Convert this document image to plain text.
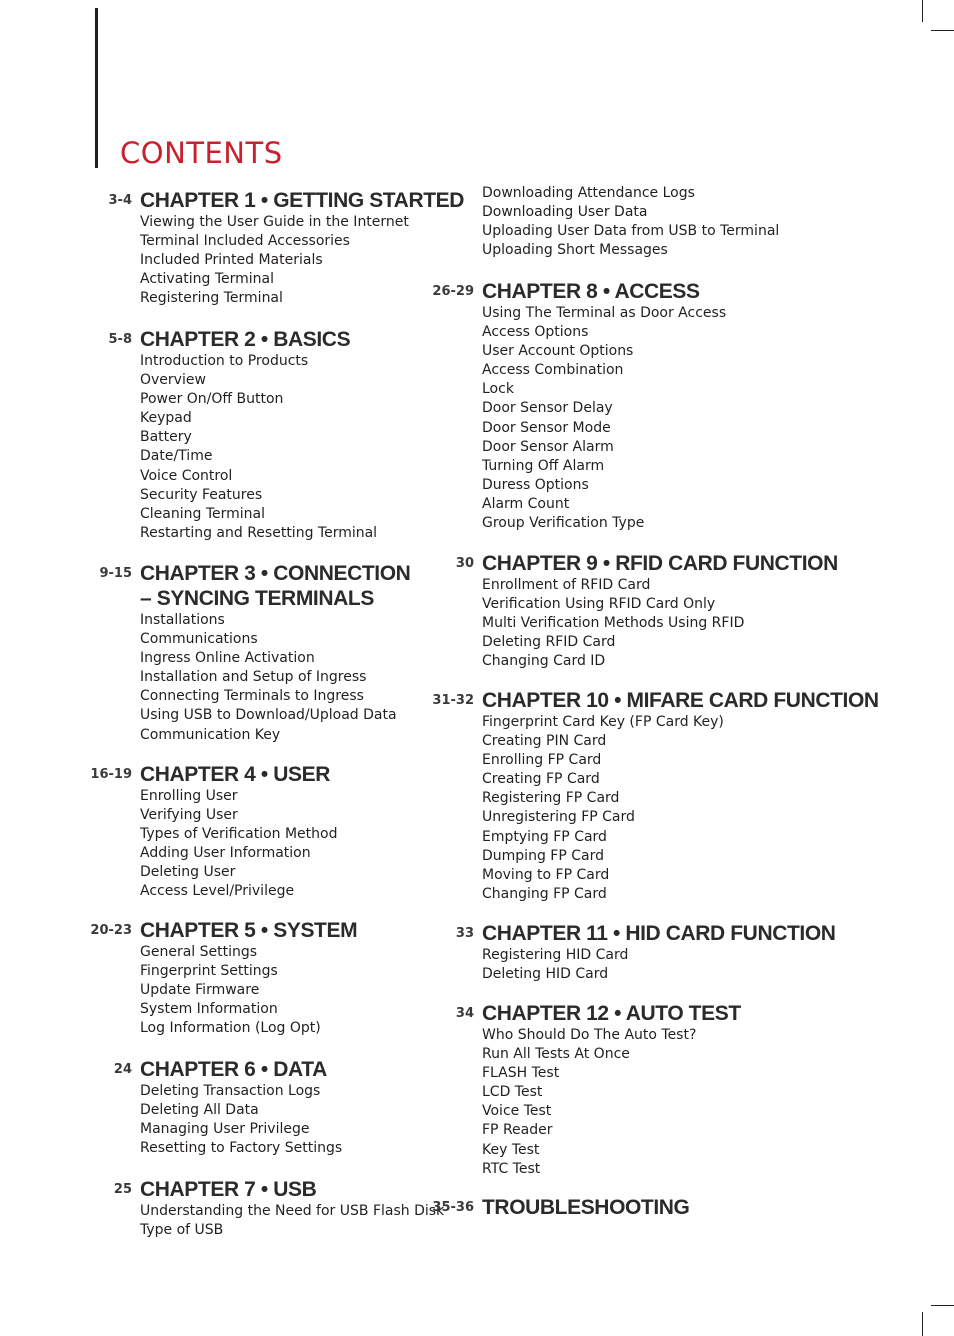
CONTENTS
3-4 CHAPTER 1 • GETTING STARTED
Viewing the User Guide in the Internet
Terminal Included Accessories
Included Printed Materials
Activating Terminal
Registering Terminal
5-8 CHAPTER 2 • BASICS
Introduction to Products
Overview
Power On/Off Button
Keypad
Battery
Date/Time
Voice Control
Security Features
Cleaning Terminal
Restarting and Resetting Terminal
9-15 CHAPTER 3 • CONNECTION
– SYNCING TERMINALS
Installations
Communications
Ingress Online Activation
Installation and Setup of Ingress
Connecting Terminals to Ingress
Using USB to Download/Upload Data
Communication Key
16-19 CHAPTER 4 • USER
Enrolling User
Verifying User
Types of Verification Method
Adding User Information
Deleting User
Access Level/Privilege
20-23 CHAPTER 5 • SYSTEM
General Settings
Fingerprint Settings
Update Firmware
System Information
Log Information (Log Opt)
24 CHAPTER 6 • DATA
Deleting Transaction Logs
Deleting All Data
Managing User Privilege
Resetting to Factory Settings
25 CHAPTER 7 • USB
Understanding the Need for USB Flash Disk
Type of USB
Downloading Attendance Logs
Downloading User Data
Uploading User Data from USB to Terminal
Uploading Short Messages
26-29 CHAPTER 8 • ACCESS
Using The Terminal as Door Access
Access Options
User Account Options
Access Combination
Lock
Door Sensor Delay
Door Sensor Mode
Door Sensor Alarm
Turning Off Alarm
Duress Options
Alarm Count
Group Verification Type
30 CHAPTER 9 • RFID CARD FUNCTION
Enrollment of RFID Card
Verification Using RFID Card Only
Multi Verification Methods Using RFID
Deleting RFID Card
Changing Card ID
31-32 CHAPTER 10 • MIFARE CARD FUNCTION
Fingerprint Card Key (FP Card Key)
Creating PIN Card
Enrolling FP Card
Creating FP Card
Registering FP Card
Unregistering FP Card
Emptying FP Card
Dumping FP Card
Moving to FP Card
Changing FP Card
33 CHAPTER 11 • HID CARD FUNCTION
Registering HID Card
Deleting HID Card
34 CHAPTER 12 • AUTO TEST
Who Should Do The Auto Test?
Run All Tests At Once
FLASH Test
LCD Test
Voice Test
FP Reader
Key Test
RTC Test
35-36 TROUBLESHOOTING
